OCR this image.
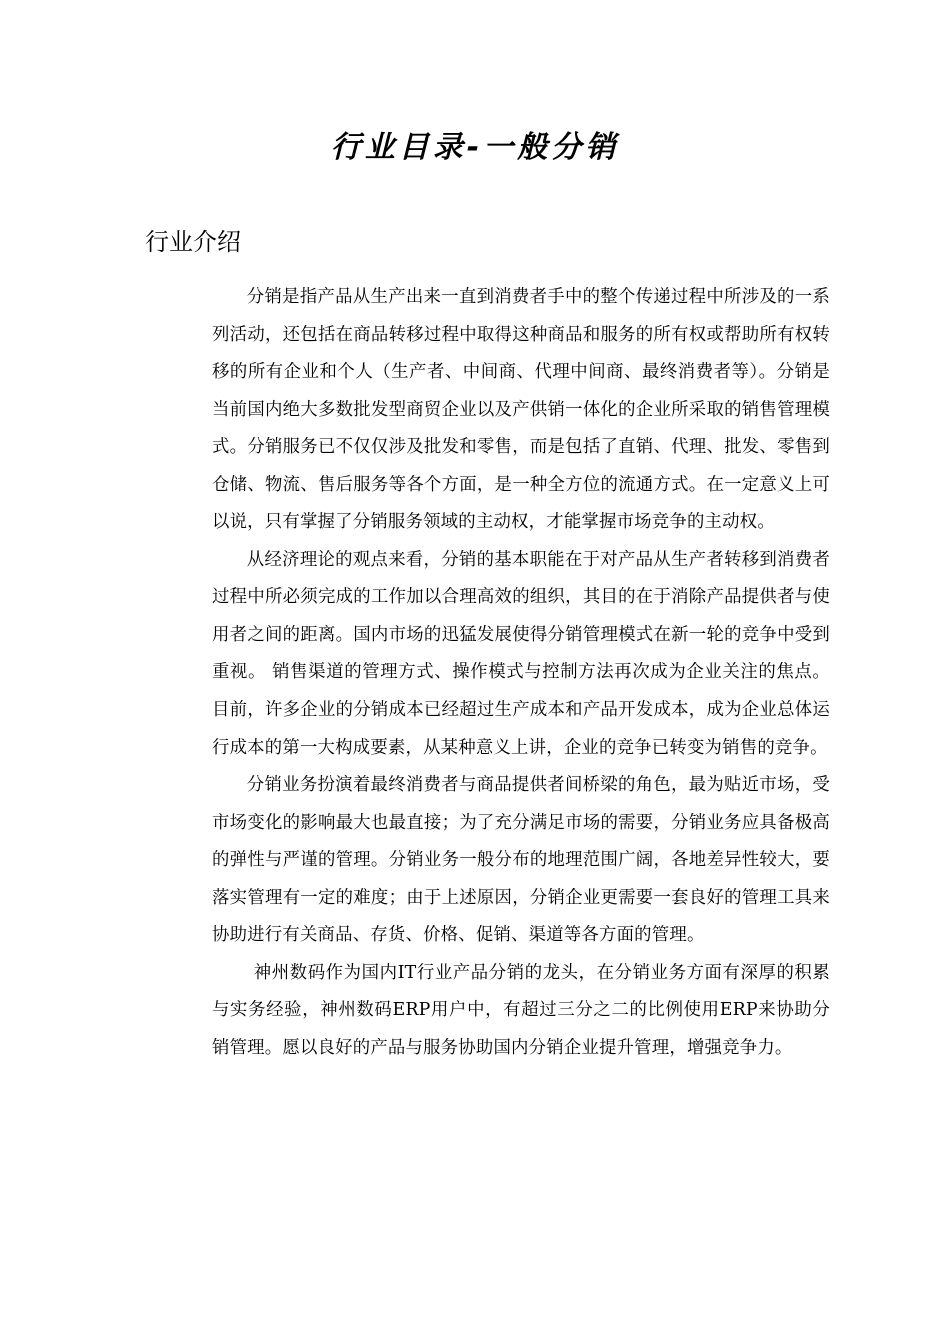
行业目录-一般分销
行业介绍

分销是指产品从生产出来一直到消费者手中的整个传递过程中所涉及的一系列活动，还包括在商品转移过程中取得这种商品和服务的所有权或帮助所有权转移的所有企业和个人（生产者、中间商、代理中间商、最终消费者等）。分销是当前国内绝大多数批发型商贸企业以及产供销一体化的企业所采取的销售管理模式。分销服务已不仅仅涉及批发和零售，而是包括了直销、代理、批发、零售到仓储、物流、售后服务等各个方面，是一种全方位的流通方式。在一定意义上可以说，只有掌握了分销服务领域的主动权，才能掌握市场竞争的主动权。

从经济理论的观点来看，分销的基本职能在于对产品从生产者转移到消费者过程中所必须完成的工作加以合理高效的组织，其目的在于消除产品提供者与使用者之间的距离。国内市场的迅猛发展使得分销管理模式在新一轮的竞争中受到重视。 销售渠道的管理方式、操作模式与控制方法再次成为企业关注的焦点。目前，许多企业的分销成本已经超过生产成本和产品开发成本，成为企业总体运行成本的第一大构成要素，从某种意义上讲，企业的竞争已转变为销售的竞争。

分销业务扮演着最终消费者与商品提供者间桥梁的角色，最为贴近市场，受市场变化的影响最大也最直接；为了充分满足市场的需要，分销业务应具备极高的弹性与严谨的管理。分销业务一般分布的地理范围广阔，各地差异性较大，要落实管理有一定的难度；由于上述原因，分销企业更需要一套良好的管理工具来协助进行有关商品、存货、价格、促销、渠道等各方面的管理。

神州数码作为国内IT行业产品分销的龙头，在分销业务方面有深厚的积累与实务经验，神州数码ERP用户中，有超过三分之二的比例使用ERP来协助分销管理。愿以良好的产品与服务协助国内分销企业提升管理，增强竞争力。
